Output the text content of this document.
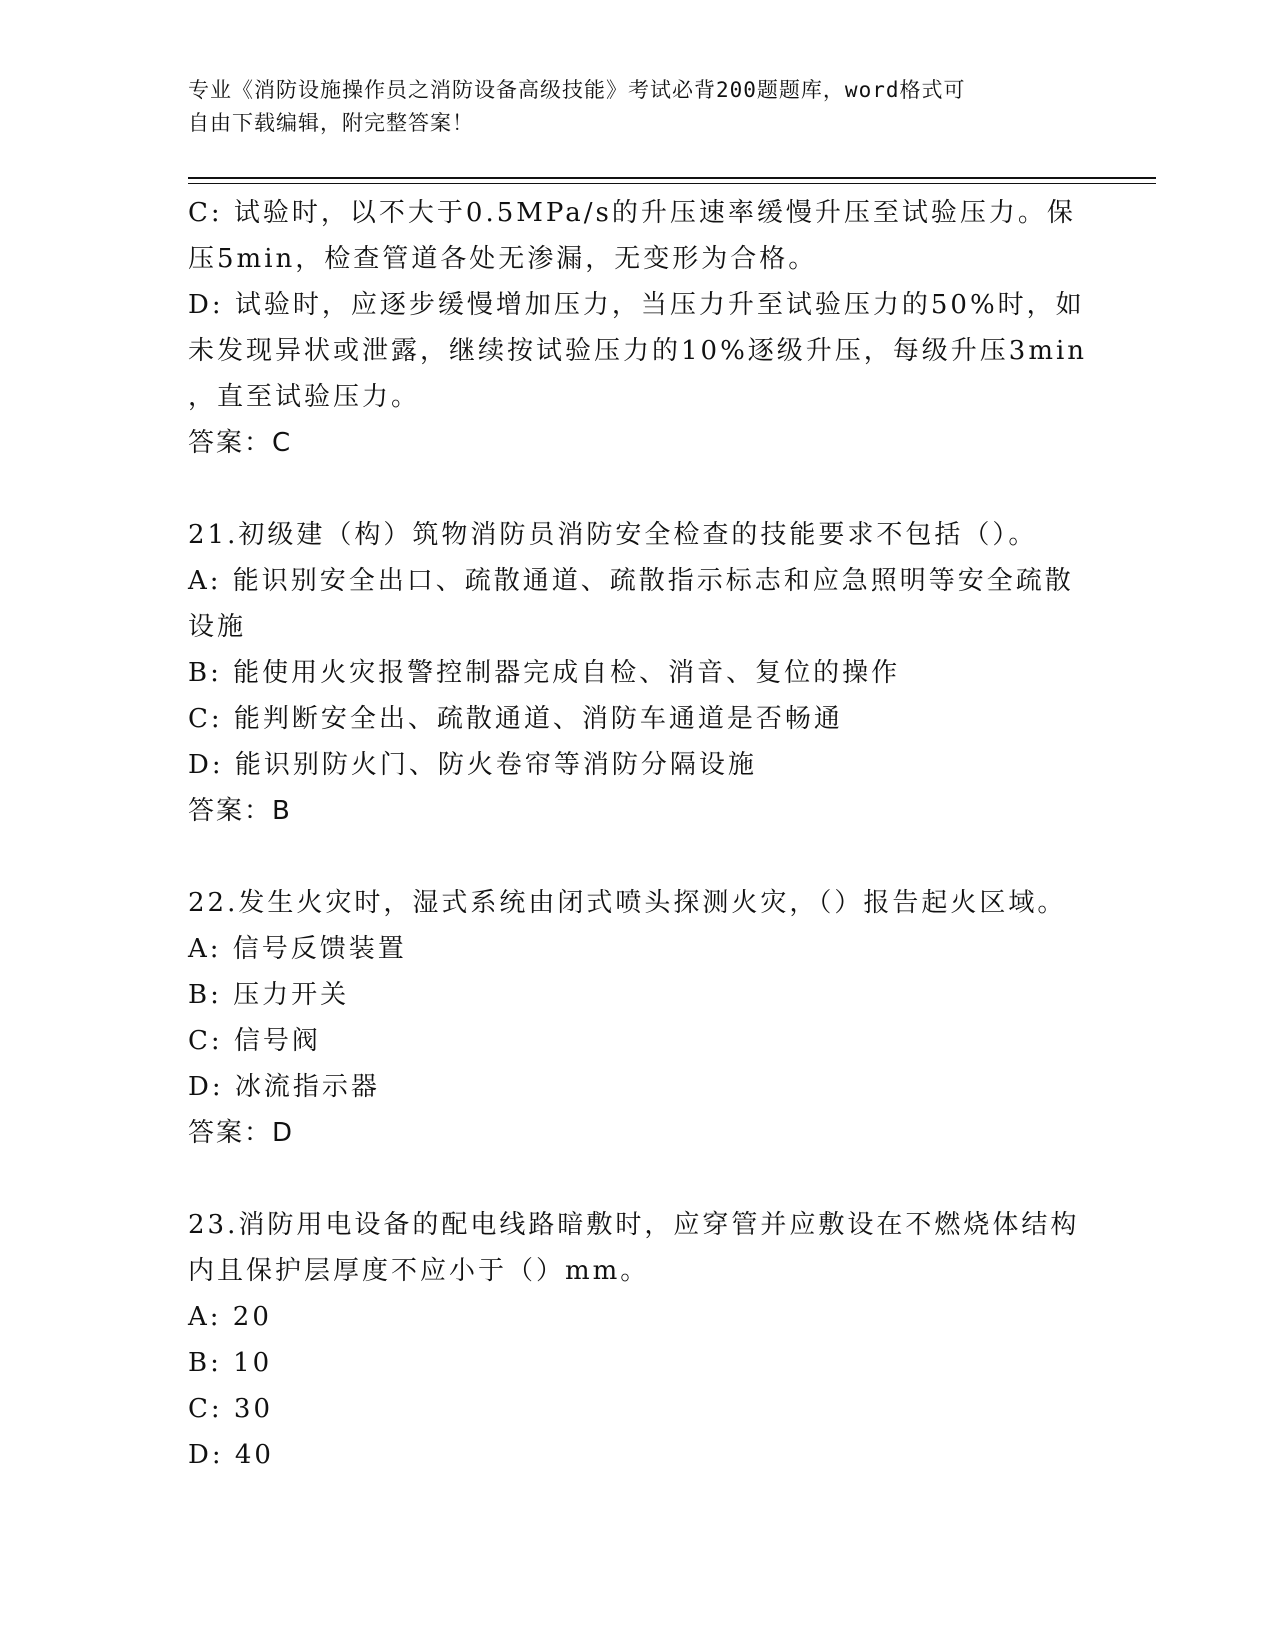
专业《消防设施操作员之消防设备高级技能》考试必背200题题库，word格式可
自由下载编辑，附完整答案！
C: 试验时，以不大于0.5MPa/s的升压速率缓慢升压至试验压力。保
压5min，检查管道各处无渗漏，无变形为合格。
D: 试验时，应逐步缓慢增加压力，当压力升至试验压力的50%时，如
未发现异状或泄露，继续按试验压力的10%逐级升压，每级升压3min
，直至试验压力。
答案：C
21.初级建（构）筑物消防员消防安全检查的技能要求不包括（）。
A: 能识别安全出口、疏散通道、疏散指示标志和应急照明等安全疏散
设施
B: 能使用火灾报警控制器完成自检、消音、复位的操作
C: 能判断安全出、疏散通道、消防车通道是否畅通
D: 能识别防火门、防火卷帘等消防分隔设施
答案：B
22.发生火灾时，湿式系统由闭式喷头探测火灾，（）报告起火区域。
A: 信号反馈装置
B: 压力开关
C: 信号阀
D: 冰流指示器
答案：D
23.消防用电设备的配电线路暗敷时，应穿管并应敷设在不燃烧体结构
内且保护层厚度不应小于（）mm。
A: 20
B: 10
C: 30
D: 40
